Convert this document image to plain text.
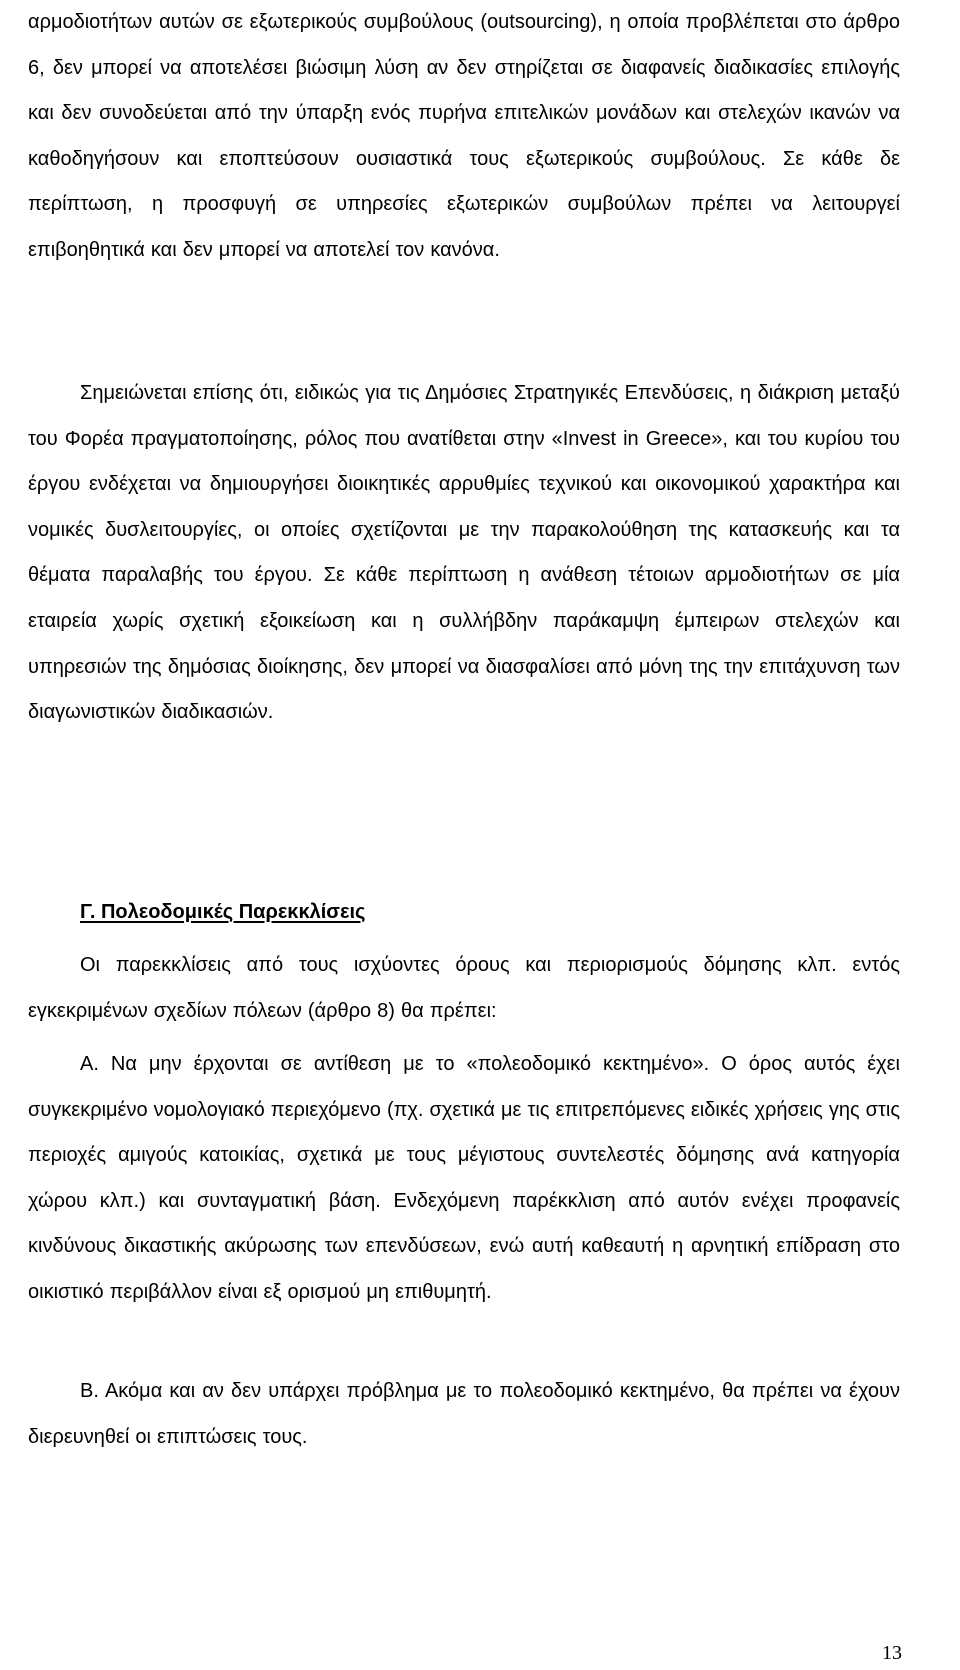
αρμοδιοτήτων αυτών σε εξωτερικούς συμβούλους (outsourcing), η οποία προβλέπεται στο άρθρο 6, δεν μπορεί να αποτελέσει βιώσιμη λύση αν δεν στηρίζεται σε διαφανείς διαδικασίες επιλογής και δεν συνοδεύεται από την ύπαρξη ενός πυρήνα επιτελικών μονάδων και στελεχών ικανών να καθοδηγήσουν και εποπτεύσουν ουσιαστικά τους εξωτερικούς συμβούλους. Σε κάθε δε περίπτωση, η προσφυγή σε υπηρεσίες εξωτερικών συμβούλων πρέπει να λειτουργεί επιβοηθητικά και δεν μπορεί να αποτελεί τον κανόνα.

Σημειώνεται επίσης ότι, ειδικώς για τις Δημόσιες Στρατηγικές Επενδύσεις, η διάκριση μεταξύ του Φορέα πραγματοποίησης, ρόλος που ανατίθεται στην «Invest in Greece», και του κυρίου του έργου ενδέχεται να δημιουργήσει διοικητικές αρρυθμίες τεχνικού και οικονομικού χαρακτήρα και νομικές δυσλειτουργίες, οι οποίες σχετίζονται με την παρακολούθηση της κατασκευής και τα θέματα παραλαβής του έργου. Σε κάθε περίπτωση η ανάθεση τέτοιων αρμοδιοτήτων σε μία εταιρεία χωρίς σχετική εξοικείωση και η συλλήβδην παράκαμψη έμπειρων στελεχών και υπηρεσιών της δημόσιας διοίκησης, δεν μπορεί να διασφαλίσει από μόνη της την επιτάχυνση των διαγωνιστικών διαδικασιών.

Γ. Πολεοδομικές Παρεκκλίσεις

Οι παρεκκλίσεις από τους ισχύοντες όρους και περιορισμούς δόμησης κλπ. εντός εγκεκριμένων σχεδίων πόλεων (άρθρο 8) θα πρέπει:

Α. Να μην έρχονται σε αντίθεση με το «πολεοδομικό κεκτημένο». Ο όρος αυτός έχει συγκεκριμένο νομολογιακό περιεχόμενο (πχ. σχετικά με τις επιτρεπόμενες ειδικές χρήσεις γης στις περιοχές αμιγούς κατοικίας, σχετικά με τους μέγιστους συντελεστές δόμησης ανά κατηγορία χώρου κλπ.) και συνταγματική βάση. Ενδεχόμενη παρέκκλιση από αυτόν ενέχει προφανείς κινδύνους δικαστικής ακύρωσης των επενδύσεων, ενώ αυτή καθεαυτή η αρνητική επίδραση στο οικιστικό περιβάλλον είναι εξ ορισμού μη επιθυμητή.

Β. Ακόμα και αν δεν υπάρχει πρόβλημα με το πολεοδομικό κεκτημένο, θα πρέπει να έχουν διερευνηθεί οι επιπτώσεις τους.

13
